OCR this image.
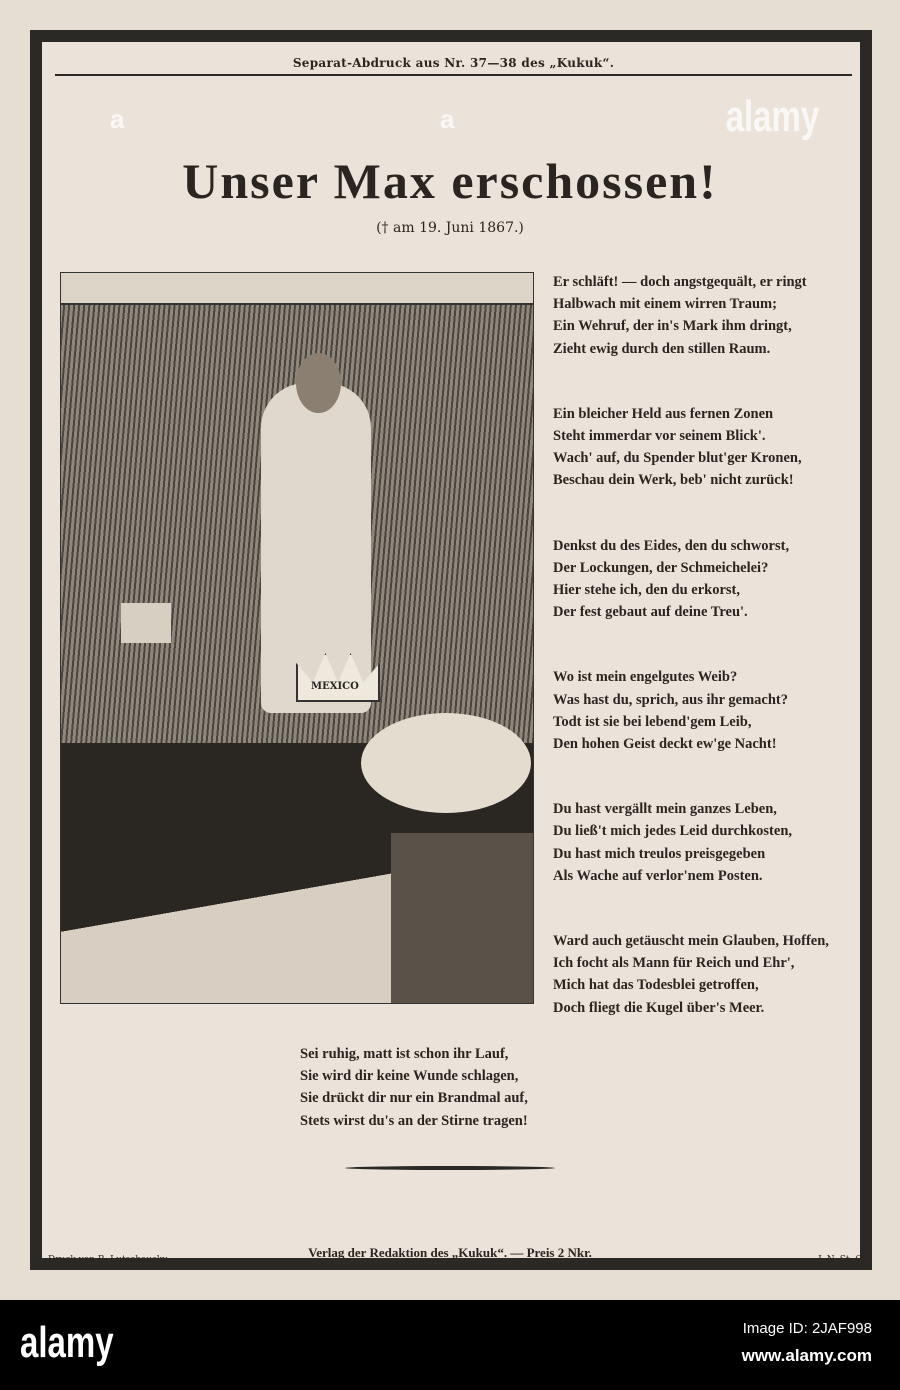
Separat-Abdruck aus Nr. 37—38 des „Kukuk“.
Unser Max erschossen!
(† am 19. Juni 1867.)
MEXICO
Er schläft! — doch angstgequält, er ringt
Halbwach mit einem wirren Traum;
Ein Wehruf, der in's Mark ihm dringt,
Zieht ewig durch den stillen Raum.
Ein bleicher Held aus fernen Zonen
Steht immerdar vor seinem Blick'.
Wach' auf, du Spender blut'ger Kronen,
Beschau dein Werk, beb' nicht zurück!
Denkst du des Eides, den du schworst,
Der Lockungen, der Schmeichelei?
Hier stehe ich, den du erkorst,
Der fest gebaut auf deine Treu'.
Wo ist mein engelgutes Weib?
Was hast du, sprich, aus ihr gemacht?
Todt ist sie bei lebend'gem Leib,
Den hohen Geist deckt ew'ge Nacht!
Du hast vergällt mein ganzes Leben,
Du ließ't mich jedes Leid durchkosten,
Du hast mich treulos preisgegeben
Als Wache auf verlor'nem Posten.
Ward auch getäuscht mein Glauben, Hoffen,
Ich focht als Mann für Reich und Ehr',
Mich hat das Todesblei getroffen,
Doch fliegt die Kugel über's Meer.
Sei ruhig, matt ist schon ihr Lauf,
Sie wird dir keine Wunde schlagen,
Sie drückt dir nur ein Brandmal auf,
Stets wirst du's an der Stirne tragen!
Druck von B. Lutschausky	Verlag der Redaktion des „Kukuk“. — Preis 2 Nkr.	J. N. St. G.
a	a	alamy
alamy	Image ID: 2JAF998
www.alamy.com
